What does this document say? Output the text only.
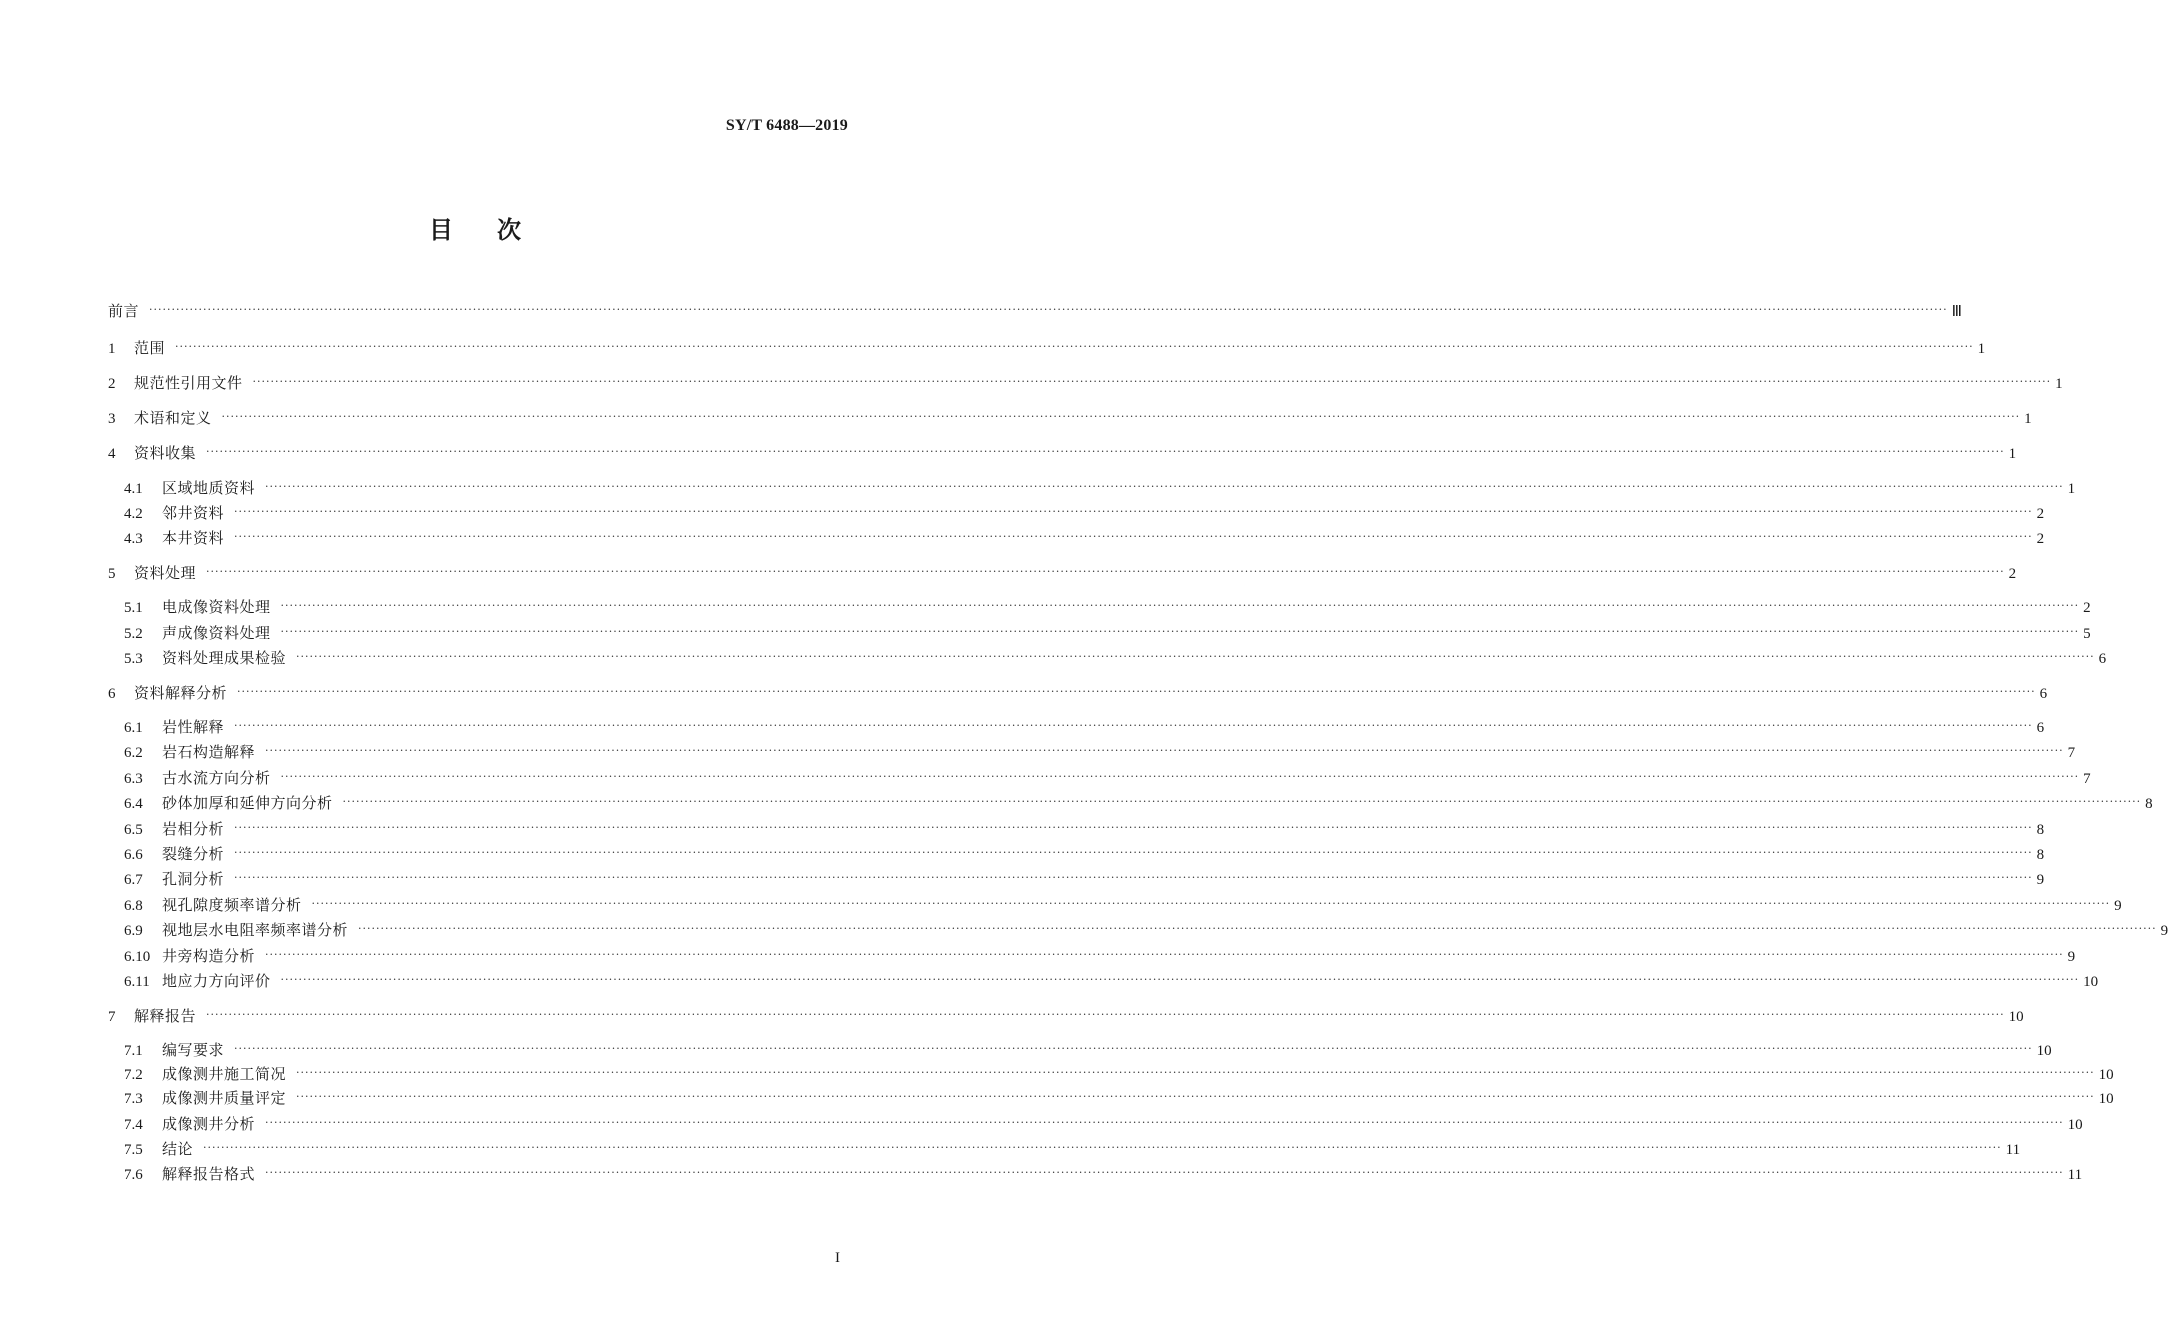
SY/T 6488—2019
目次
前言 ················································································································································································································································································································································································································ Ⅲ
1	范围 ················································································································································································································································································································································································································ 1
2	规范性引用文件 ················································································································································································································································································································································································································ 1
3	术语和定义 ················································································································································································································································································································································································································ 1
4	资料收集 ················································································································································································································································································································································································································ 1
4.1	区域地质资料 ················································································································································································································································································································································································································ 1
4.2	邻井资料 ················································································································································································································································································································································································································ 2
4.3	本井资料 ················································································································································································································································································································································································································ 2
5	资料处理 ················································································································································································································································································································································································································ 2
5.1	电成像资料处理 ················································································································································································································································································································································································································ 2
5.2	声成像资料处理 ················································································································································································································································································································································································································ 5
5.3	资料处理成果检验 ················································································································································································································································································································································································································ 6
6	资料解释分析 ················································································································································································································································································································································································································ 6
6.1	岩性解释 ················································································································································································································································································································································································································ 6
6.2	岩石构造解释 ················································································································································································································································································································································································································ 7
6.3	古水流方向分析 ················································································································································································································································································································································································································ 7
6.4	砂体加厚和延伸方向分析 ················································································································································································································································································································································································································ 8
6.5	岩相分析 ················································································································································································································································································································································································································ 8
6.6	裂缝分析 ················································································································································································································································································································································································································ 8
6.7	孔洞分析 ················································································································································································································································································································································································································ 9
6.8	视孔隙度频率谱分析 ················································································································································································································································································································································································································ 9
6.9	视地层水电阻率频率谱分析 ················································································································································································································································································································································································································ 9
6.10 井旁构造分析 ················································································································································································································································································································································································································ 9
6.11 地应力方向评价 ················································································································································································································································································································································································································ 10
7	解释报告 ················································································································································································································································································································································································································ 10
7.1	编写要求 ················································································································································································································································································································································································································ 10
7.2	成像测井施工简况 ················································································································································································································································································································································································································ 10
7.3	成像测井质量评定 ················································································································································································································································································································································································································ 10
7.4	成像测井分析 ················································································································································································································································································································································································································ 10
7.5	结论 ················································································································································································································································································································································································································ 11
7.6	解释报告格式 ················································································································································································································································································································································································································ 11
I
